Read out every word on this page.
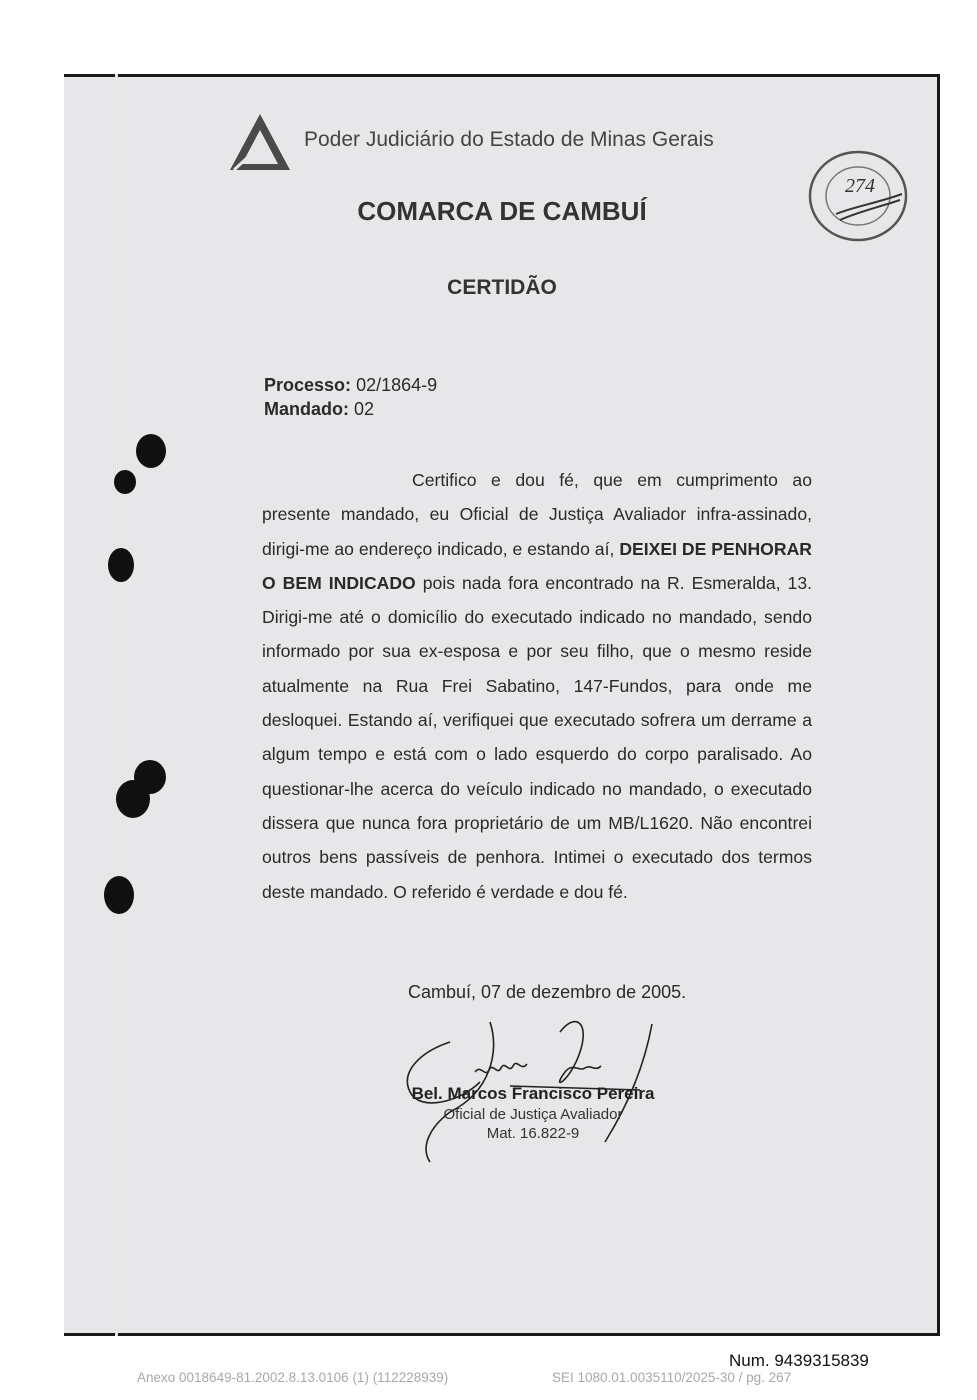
Poder Judiciário do Estado de Minas Gerais
COMARCA DE CAMBUÍ
CERTIDÃO
274
Processo: 02/1864-9
Mandado: 02
Certifico e dou fé, que em cumprimento ao presente mandado, eu Oficial de Justiça Avaliador infra-assinado, dirigi-me ao endereço indicado, e estando aí, DEIXEI DE PENHORAR O BEM INDICADO pois nada fora encontrado na R. Esmeralda, 13. Dirigi-me até o domicílio do executado indicado no mandado, sendo informado por sua ex-esposa e por seu filho, que o mesmo reside atualmente na Rua Frei Sabatino, 147-Fundos, para onde me desloquei. Estando aí, verifiquei que executado sofrera um derrame a algum tempo e está com o lado esquerdo do corpo paralisado. Ao questionar-lhe acerca do veículo indicado no mandado, o executado dissera que nunca fora proprietário de um MB/L1620. Não encontrei outros bens passíveis de penhora. Intimei o executado dos termos deste mandado. O referido é verdade e dou fé.
Cambuí, 07 de dezembro de 2005.
Bel. Marcos Francisco Pereira
Oficial de Justiça Avaliador
Mat. 16.822-9
Num. 9439315839
Anexo 0018649-81.2002.8.13.0106 (1) (112228939)	SEI 1080.01.0035110/2025-30 / pg. 267
